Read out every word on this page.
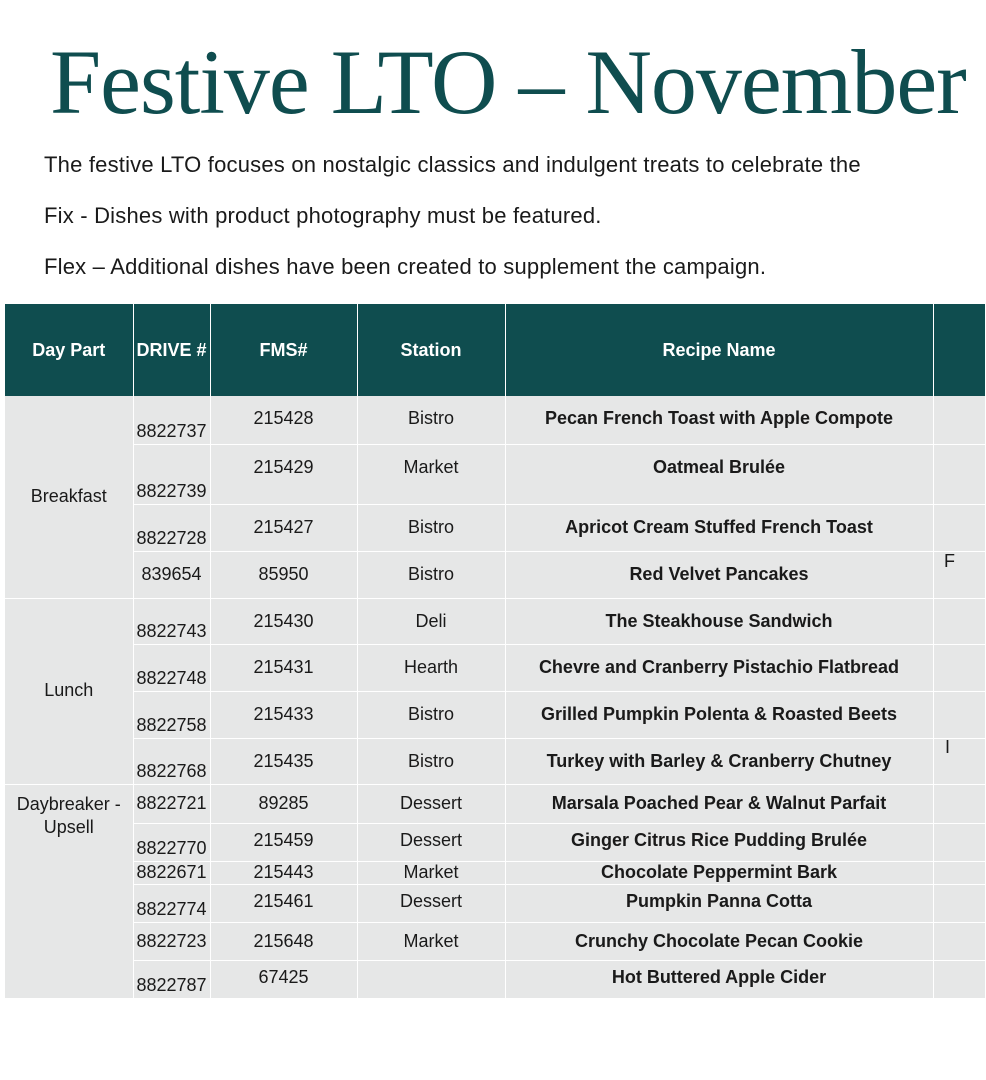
Festive LTO – November

The festive LTO focuses on nostalgic classics and indulgent treats to celebrate the

Fix - Dishes with product photography must be featured.

Flex – Additional dishes have been created to supplement the campaign.

Day Part	DRIVE #	FMS#	Station	Recipe Name	
Breakfast	8822737	215428	Bistro	Pecan French Toast with Apple Compote	
	8822739	215429	Market	Oatmeal Brulée	
	8822728	215427	Bistro	Apricot Cream Stuffed French Toast	
	839654	85950	Bistro	Red Velvet Pancakes	
Lunch	8822743	215430	Deli	The Steakhouse Sandwich	
	8822748	215431	Hearth	Chevre and Cranberry Pistachio Flatbread	
	8822758	215433	Bistro	Grilled Pumpkin Polenta & Roasted Beets	
	8822768	215435	Bistro	Turkey with Barley & Cranberry Chutney	
Daybreaker - Upsell	8822721	89285	Dessert	Marsala Poached Pear & Walnut Parfait	
	8822770	215459	Dessert	Ginger Citrus Rice Pudding Brulée	
	8822671	215443	Market	Chocolate Peppermint Bark	
	8822774	215461	Dessert	Pumpkin Panna Cotta	
	8822723	215648	Market	Crunchy Chocolate Pecan Cookie	
	8822787	67425		Hot Buttered Apple Cider	
F
I
